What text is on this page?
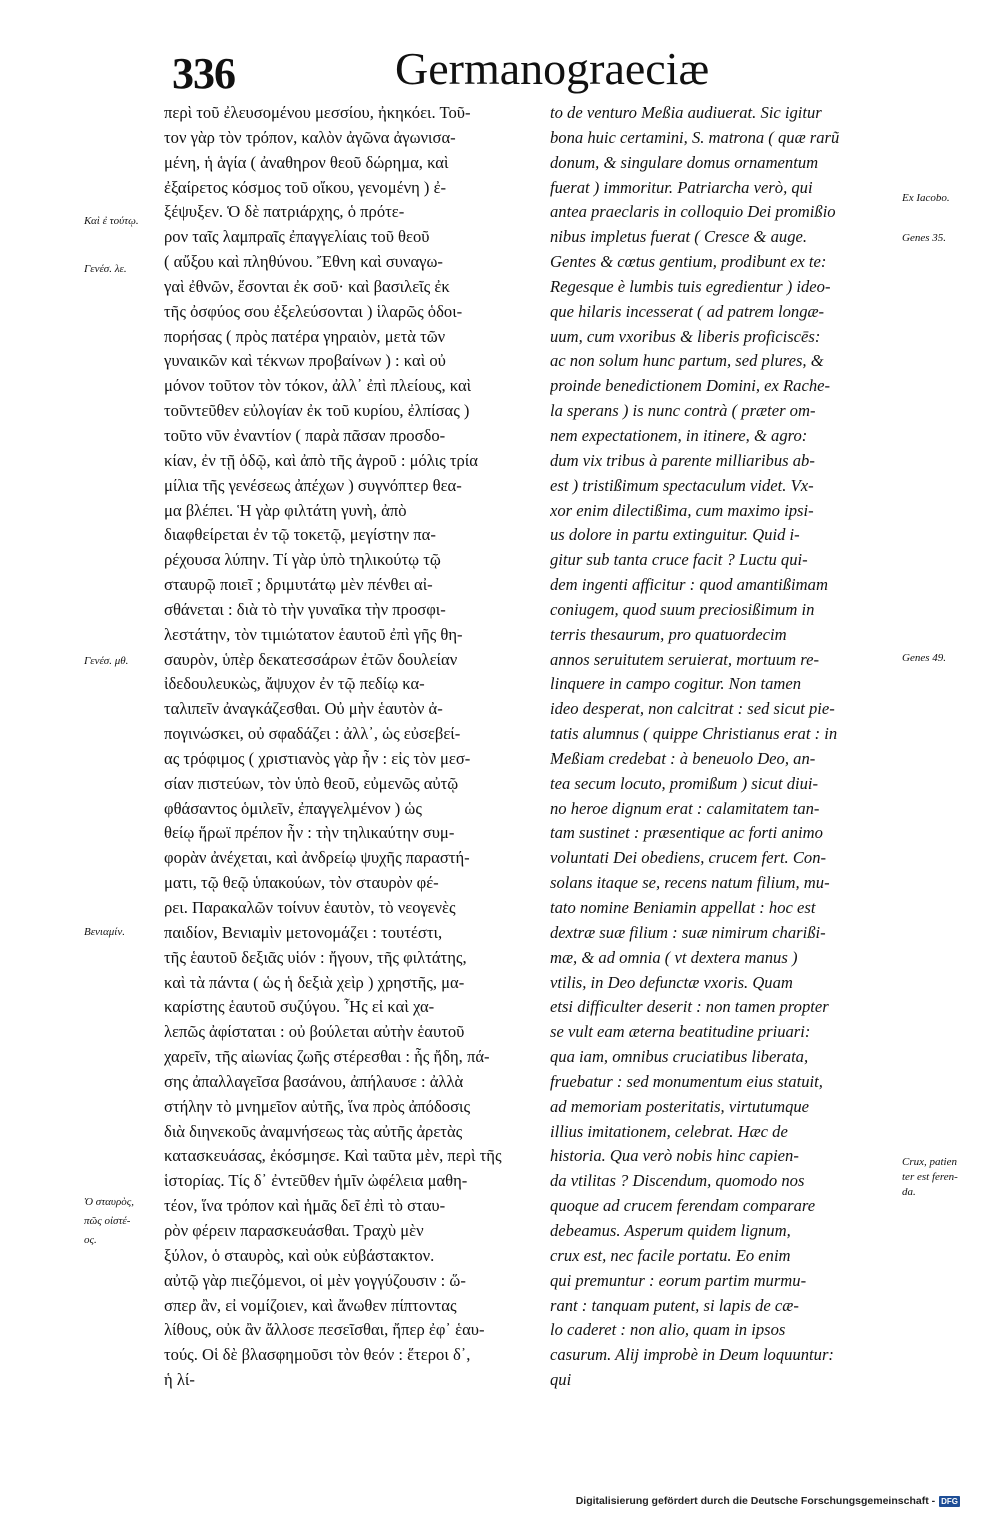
336	Germanograeciæ
περὶ τοῦ ἐλευσομένου μεσσίου, ἠκηκόει. Τοῦ-
τον γὰρ τὸν τρόπον, καλὸν ἀγῶνα ἀγωνισα-
μένη, ἡ ἁγία ( ἀναθηρον θεοῦ δώρημα, καὶ
ἐξαίρετος κόσμος τοῦ οἴκου, γενομένη ) ἐ-
ξέψυξεν. Ὁ δὲ πατριάρχης, ὁ πρότε-
ρον ταῖς λαμπραῖς ἐπαγγελίαις τοῦ θεοῦ
( αὔξου καὶ πληθύνου. Ἔθνη καὶ συναγω-
γαὶ ἐθνῶν, ἔσονται ἐκ σοῦ· καὶ βασιλεῖς ἐκ
τῆς ὀσφύος σου ἐξελεύσονται ) ἱλαρῶς ὁδοι-
πορήσας ( πρὸς πατέρα γηραιὸν, μετὰ τῶν
γυναικῶν καὶ τέκνων προβαίνων ) : καὶ οὐ
μόνον τοῦτον τὸν τόκον, ἀλλ᾽ ἐπὶ πλείους, καὶ
τοῦντεῦθεν εὐλογίαν ἐκ τοῦ κυρίου, ἐλπίσας )
τοῦτο νῦν ἐναντίον ( παρὰ πᾶσαν προσδο-
κίαν, ἐν τῇ ὁδῷ, καὶ ἀπὸ τῆς ἀγροῦ : μόλις τρία
μίλια τῆς γενέσεως ἀπέχων ) συγνόπτερ θεα-
μα βλέπει. Ἡ γὰρ φιλτάτη γυνὴ, ἀπὸ
διαφθείρεται ἐν τῷ τοκετῷ, μεγίστην πα-
ρέχουσα λύπην. Τί γὰρ ὑπὸ τηλικούτῳ τῷ
σταυρῷ ποιεῖ ; δριμυτάτῳ μὲν πένθει αἰ-
σθάνεται : διὰ τὸ τὴν γυναῖκα τὴν προσφι-
λεστάτην, τὸν τιμιώτατον ἑαυτοῦ ἐπὶ γῆς θη-
σαυρὸν, ὑπὲρ δεκατεσσάρων ἐτῶν δουλείαν
ἰδεδουλευκὼς, ἄψυχον ἐν τῷ πεδίῳ κα-
ταλιπεῖν ἀναγκάζεσθαι. Οὐ μὴν ἑαυτὸν ἀ-
πογινώσκει, οὐ σφαδάζει : ἀλλ᾽, ὡς εὐσεβεί-
ας τρόφιμος ( χριστιανὸς γὰρ ἦν : εἰς τὸν μεσ-
σίαν πιστεύων, τὸν ὑπὸ θεοῦ, εὐμενῶς αὐτῷ
φθάσαντος ὁμιλεῖν, ἐπαγγελμένον ) ὡς
θείῳ ἥρωϊ πρέπον ἦν : τὴν τηλικαύτην συμ-
φορὰν ἀνέχεται, καὶ ἀνδρείῳ ψυχῆς παραστή-
ματι, τῷ θεῷ ὑπακούων, τὸν σταυρὸν φέ-
ρει. Παρακαλῶν τοίνυν ἑαυτὸν, τὸ νεογενὲς
παιδίον, Βενιαμὶν μετονομάζει : τουτέστι,
τῆς ἑαυτοῦ δεξιᾶς υἱόν : ἤγουν, τῆς φιλτάτης,
καὶ τὰ πάντα ( ὡς ἡ δεξιὰ χεὶρ ) χρηστῆς, μα-
καρίστης ἑαυτοῦ συζύγου. Ἧς εἰ καὶ χα-
λεπῶς ἀφίσταται : οὐ βούλεται αὐτὴν ἑαυτοῦ
χαρεῖν, τῆς αἰωνίας ζωῆς στέρεσθαι : ἧς ἤδη, πά-
σης ἀπαλλαγεῖσα βασάνου, ἀπήλαυσε : ἀλλὰ
στήλην τὸ μνημεῖον αὐτῆς, ἵνα πρὸς ἀπόδοσις
διὰ διηνεκοῦς ἀναμνήσεως τὰς αὐτῆς ἀρετὰς
κατασκευάσας, ἐκόσμησε. Καὶ ταῦτα μὲν, περὶ τῆς
ἱστορίας. Τίς δ᾽ ἐντεῦθεν ἡμῖν ὠφέλεια μαθη-
τέον, ἵνα τρόπον καὶ ἡμᾶς δεῖ ἐπὶ τὸ σταυ-
ρὸν φέρειν παρασκευάσθαι. Τραχὺ μὲν
ξύλον, ὁ σταυρὸς, καὶ οὐκ εὐβάστακτον.
αὐτῷ γὰρ πιεζόμενοι, οἱ μὲν γογγύζουσιν : ὥ-
σπερ ἂν, εἰ νομίζοιεν, καὶ ἄνωθεν πίπτοντας
λίθους, οὐκ ἂν ἄλλοσε πεσεῖσθαι, ἤπερ ἐφ᾽ ἑαυ-
τούς. Οἱ δὲ βλασφημοῦσι τὸν θεόν : ἕτεροι δ᾽,
ἡ λί-
to de venturo Meßia audiuerat. Sic igitur
bona huic certamini, S. matrona ( quæ rarũ
donum, & singulare domus ornamentum
fuerat ) immoritur. Patriarcha verò, qui
antea praeclaris in colloquio Dei promißio
nibus impletus fuerat ( Cresce & auge.
Gentes & cœtus gentium, prodibunt ex te:
Regesque è lumbis tuis egredientur ) ideo-
que hilaris incesserat ( ad patrem longæ-
uum, cum vxoribus & liberis proficiscēs:
ac non solum hunc partum, sed plures, &
proinde benedictionem Domini, ex Rache-
la sperans ) is nunc contrà ( præter om-
nem expectationem, in itinere, & agro:
dum vix tribus à parente milliaribus ab-
est ) tristißimum spectaculum videt. Vx-
xor enim dilectißima, cum maximo ipsi-
us dolore in partu extinguitur. Quid i-
gitur sub tanta cruce facit ? Luctu qui-
dem ingenti afficitur : quod amantißimam
coniugem, quod suum preciosißimum in
terris thesaurum, pro quatuordecim
annos seruitutem seruierat, mortuum re-
linquere in campo cogitur. Non tamen
ideo desperat, non calcitrat : sed sicut pie-
tatis alumnus ( quippe Christianus erat : in
Meßiam credebat : à beneuolo Deo, an-
tea secum locuto, promißum ) sicut diui-
no heroe dignum erat : calamitatem tan-
tam sustinet : præsentique ac forti animo
voluntati Dei obediens, crucem fert. Con-
solans itaque se, recens natum filium, mu-
tato nomine Beniamin appellat : hoc est
dextræ suæ filium : suæ nimirum charißi-
mæ, & ad omnia ( vt dextera manus )
vtilis, in Deo defunctæ vxoris. Quam
etsi difficulter deserit : non tamen propter
se vult eam æterna beatitudine priuari:
qua iam, omnibus cruciatibus liberata,
fruebatur : sed monumentum eius statuit,
ad memoriam posteritatis, virtutumque
illius imitationem, celebrat. Hæc de
historia. Qua verò nobis hinc capien-
da vtilitas ? Discendum, quomodo nos
quoque ad crucem ferendam comparare
debeamus. Asperum quidem lignum,
crux est, nec facile portatu. Eo enim
qui premuntur : eorum partim murmu-
rant : tanquam putent, si lapis de cæ-
lo caderet : non alio, quam in ipsos
casurum. Alij improbè in Deum loquuntur:
qui
Καὶ ἐ τούτῳ.
Γενέσ. λε.
Γενέσ. μθ.
Βενιαμίν.
Ὁ σταυρὸς,
πῶς οἰστέ-
ος.
Ex Iacobo.
Genes 35.
Genes 49.
Crux, patien
ter est feren-
da.
Digitalisierung gefördert durch die Deutsche Forschungsgemeinschaft - DFG
